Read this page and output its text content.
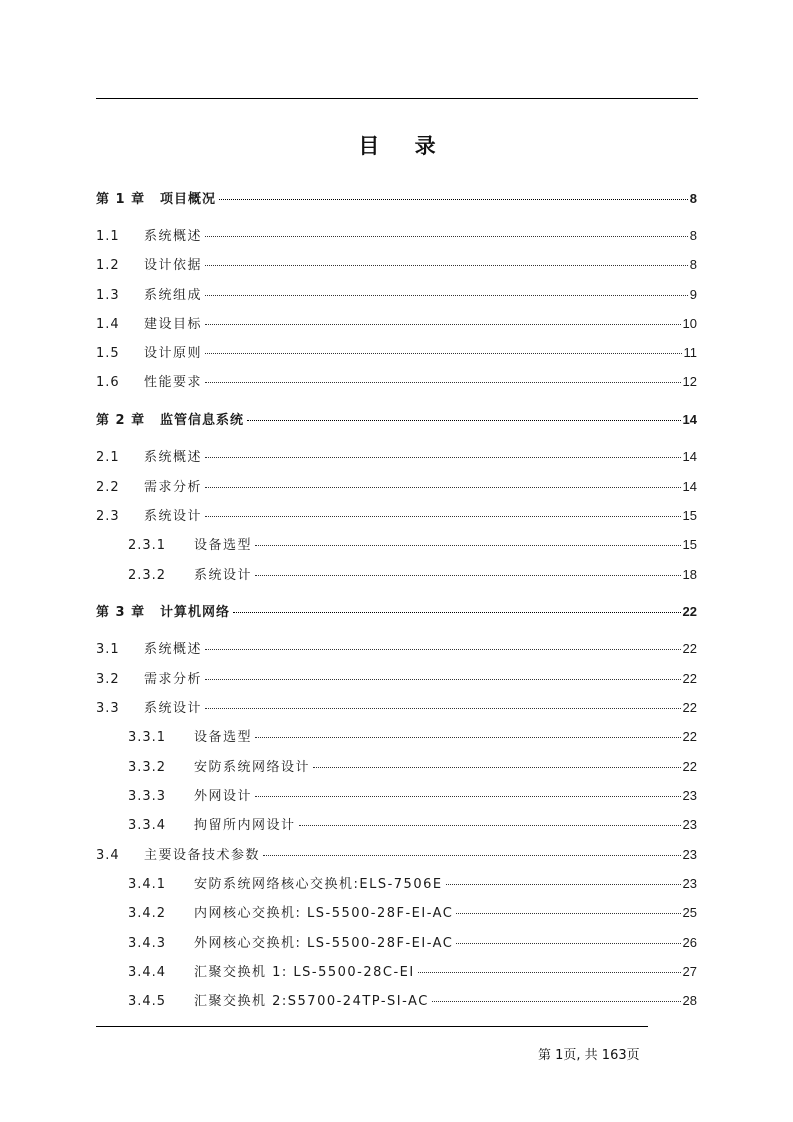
目 录
第 1 章	项目概况	8
1.1	系统概述	8
1.2	设计依据	8
1.3	系统组成	9
1.4	建设目标	10
1.5	设计原则	11
1.6	性能要求	12
第 2 章	监管信息系统	14
2.1	系统概述	14
2.2	需求分析	14
2.3	系统设计	15
2.3.1	设备选型	15
2.3.2	系统设计	18
第 3 章	计算机网络	22
3.1	系统概述	22
3.2	需求分析	22
3.3	系统设计	22
3.3.1	设备选型	22
3.3.2	安防系统网络设计	22
3.3.3	外网设计	23
3.3.4	拘留所内网设计	23
3.4	主要设备技术参数	23
3.4.1	安防系统网络核心交换机:ELS-7506E	23
3.4.2	内网核心交换机: LS-5500-28F-EI-AC	25
3.4.3	外网核心交换机: LS-5500-28F-EI-AC	26
3.4.4	汇聚交换机 1: LS-5500-28C-EI	27
3.4.5	汇聚交换机 2:S5700-24TP-SI-AC	28
第 1页, 共 163页
